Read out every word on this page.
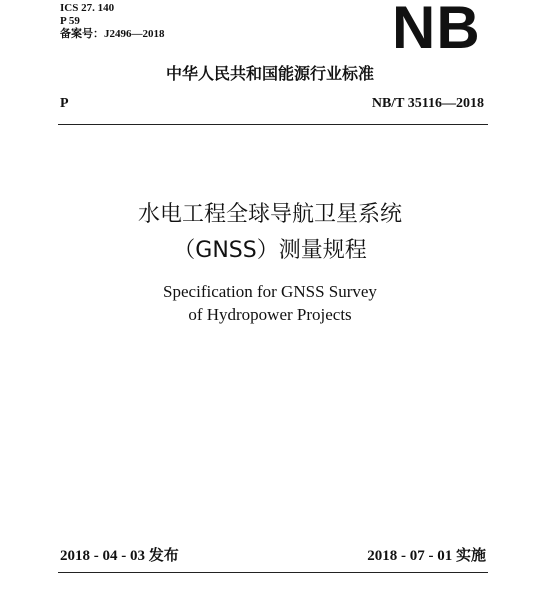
ICS 27. 140
P 59
备案号：J2496—2018	NB
中华人民共和国能源行业标准
P	NB/T 35116—2018
水电工程全球导航卫星系统
（GNSS）测量规程
Specification for GNSS Survey
of Hydropower Projects
2018 - 04 - 03 发布	2018 - 07 - 01 实施
